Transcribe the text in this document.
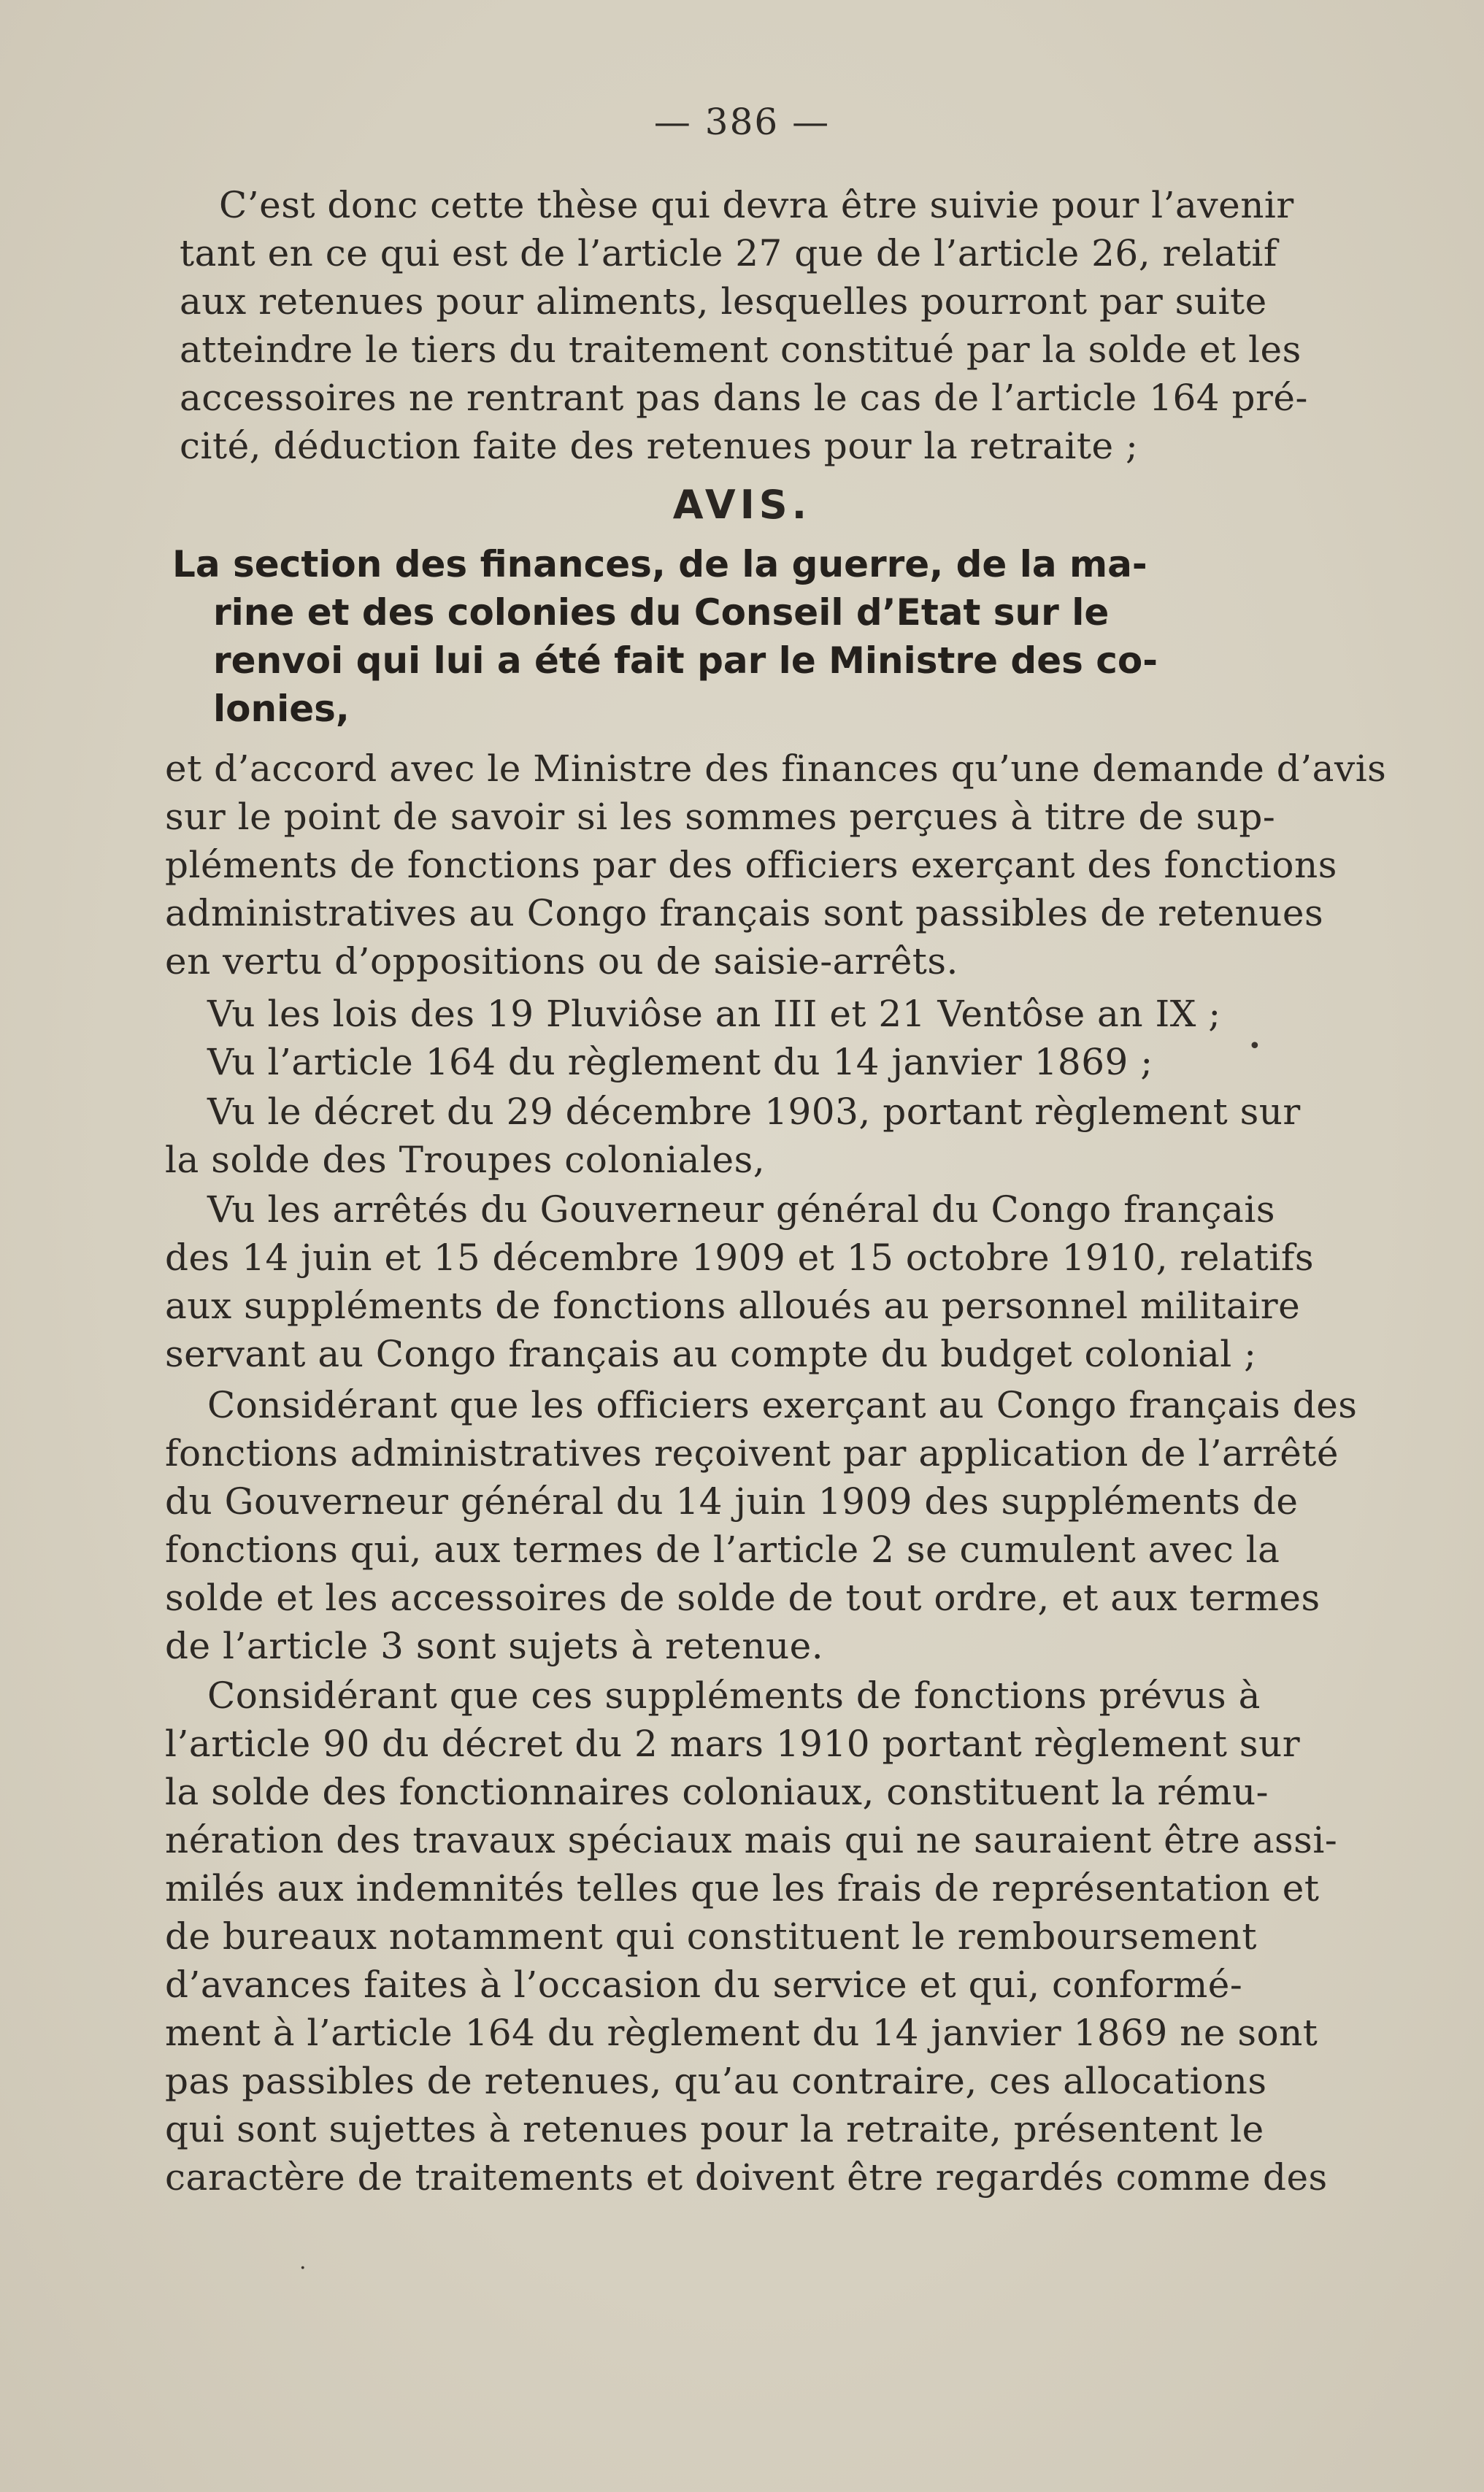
— 386 —
C’est donc cette thèse qui devra être suivie pour l’avenir
tant en ce qui est de l’article 27 que de l’article 26, relatif
aux retenues pour aliments, lesquelles pourront par suite
atteindre le tiers du traitement constitué par la solde et les
accessoires ne rentrant pas dans le cas de l’article 164 pré-
cité, déduction faite des retenues pour la retraite ;
AVIS.
La section des finances, de la guerre, de la ma-
rine et des colonies du Conseil d’Etat sur le
renvoi qui lui a été fait par le Ministre des co-
lonies,
et d’accord avec le Ministre des finances qu’une demande d’avis
sur le point de savoir si les sommes perçues à titre de sup-
pléments de fonctions par des officiers exerçant des fonctions
administratives au Congo français sont passibles de retenues
en vertu d’oppositions ou de saisie-arrêts.
Vu les lois des 19 Pluviôse an III et 21 Ventôse an IX ;
Vu l’article 164 du règlement du 14 janvier 1869 ;
Vu le décret du 29 décembre 1903, portant règlement sur
la solde des Troupes coloniales,
Vu les arrêtés du Gouverneur général du Congo français
des 14 juin et 15 décembre 1909 et 15 octobre 1910, relatifs
aux suppléments de fonctions alloués au personnel militaire
servant au Congo français au compte du budget colonial ;
Considérant que les officiers exerçant au Congo français des
fonctions administratives reçoivent par application de l’arrêté
du Gouverneur général du 14 juin 1909 des suppléments de
fonctions qui, aux termes de l’article 2 se cumulent avec la
solde et les accessoires de solde de tout ordre, et aux termes
de l’article 3 sont sujets à retenue.
Considérant que ces suppléments de fonctions prévus à
l’article 90 du décret du 2 mars 1910 portant règlement sur
la solde des fonctionnaires coloniaux, constituent la rému-
nération des travaux spéciaux mais qui ne sauraient être assi-
milés aux indemnités telles que les frais de représentation et
de bureaux notamment qui constituent le remboursement
d’avances faites à l’occasion du service et qui, conformé-
ment à l’article 164 du règlement du 14 janvier 1869 ne sont
pas passibles de retenues, qu’au contraire, ces allocations
qui sont sujettes à retenues pour la retraite, présentent le
caractère de traitements et doivent être regardés comme des
•
·
